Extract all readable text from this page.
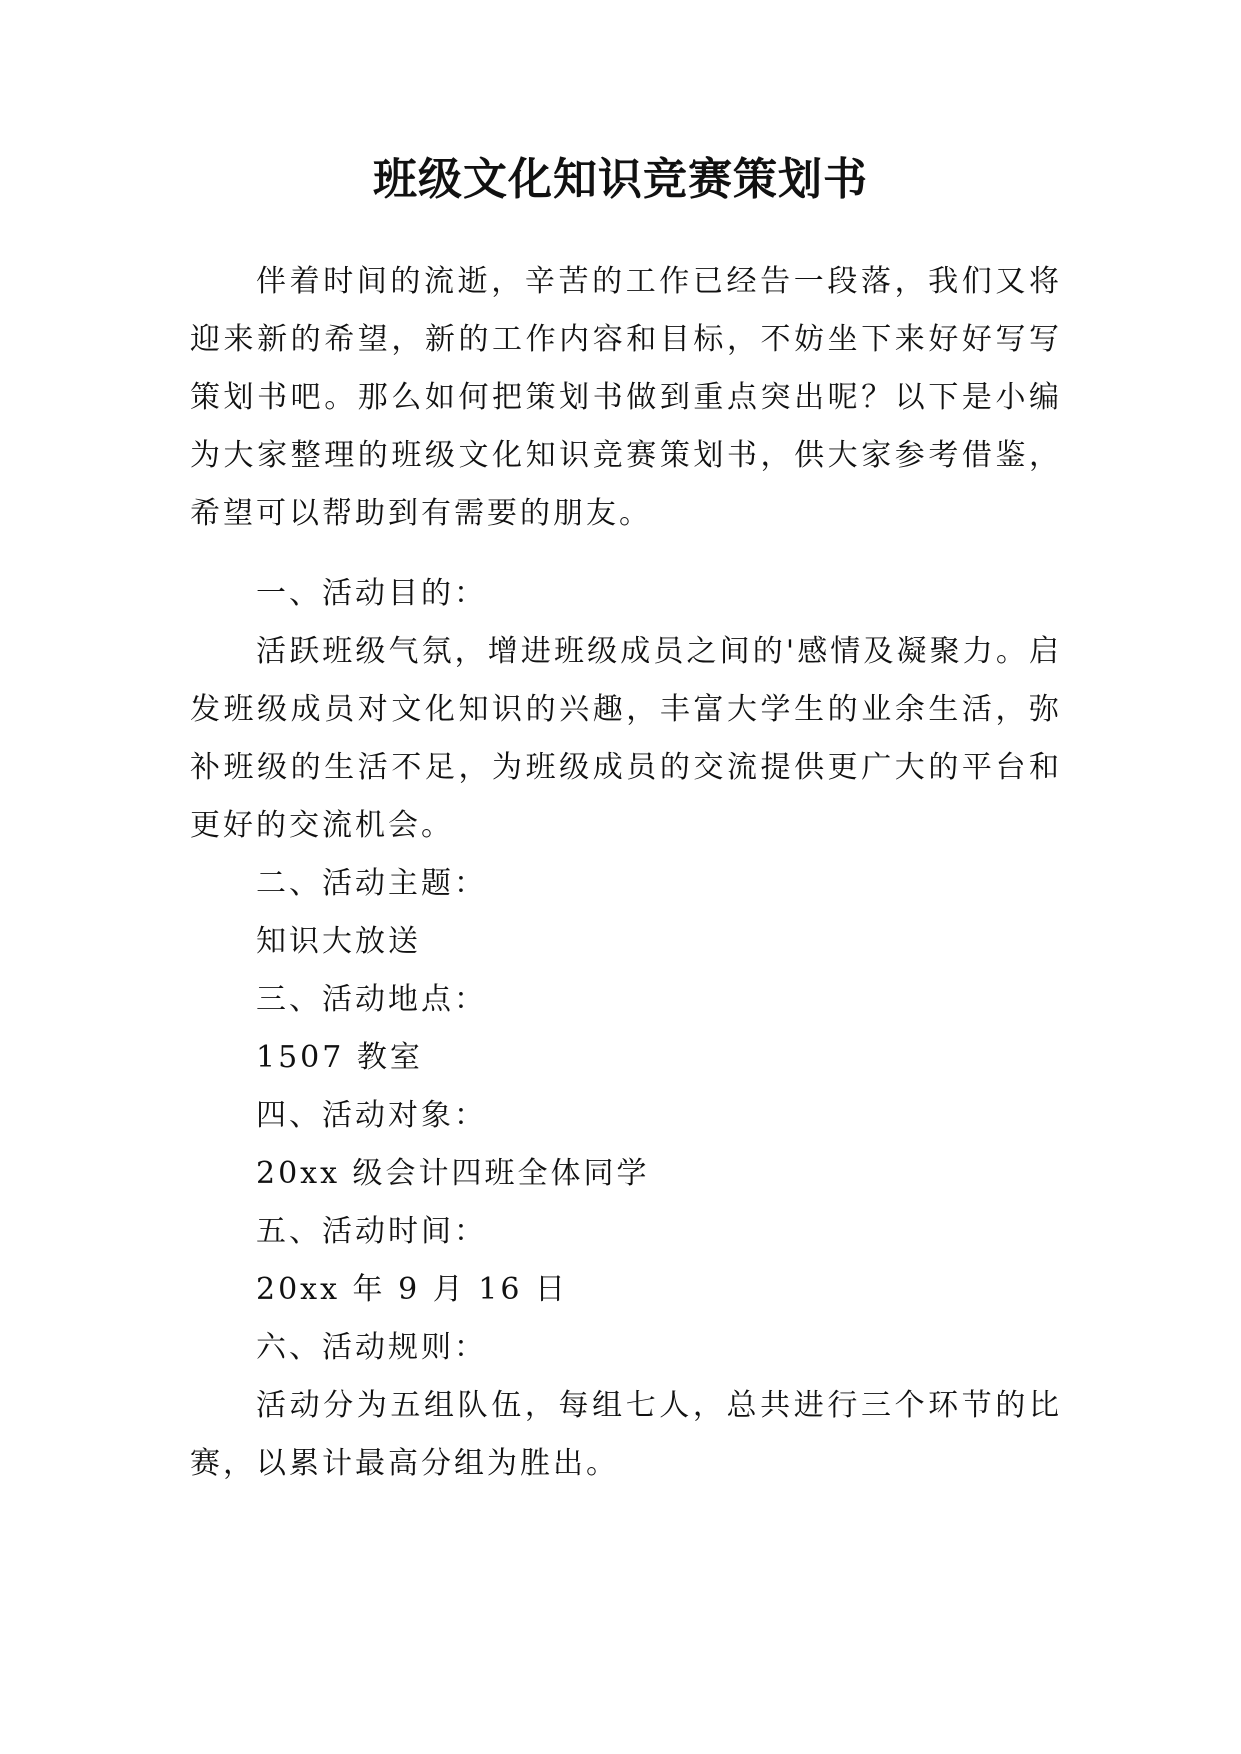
班级文化知识竞赛策划书

伴着时间的流逝，辛苦的工作已经告一段落，我们又将迎来新的希望，新的工作内容和目标，不妨坐下来好好写写策划书吧。那么如何把策划书做到重点突出呢？以下是小编为大家整理的班级文化知识竞赛策划书，供大家参考借鉴，希望可以帮助到有需要的朋友。

一、活动目的：

活跃班级气氛，增进班级成员之间的'感情及凝聚力。启发班级成员对文化知识的兴趣，丰富大学生的业余生活，弥补班级的生活不足，为班级成员的交流提供更广大的平台和更好的交流机会。

二、活动主题：

知识大放送

三、活动地点：

1507 教室

四、活动对象：

20xx 级会计四班全体同学

五、活动时间：

20xx 年 9 月 16 日

六、活动规则：

活动分为五组队伍，每组七人，总共进行三个环节的比赛，以累计最高分组为胜出。
